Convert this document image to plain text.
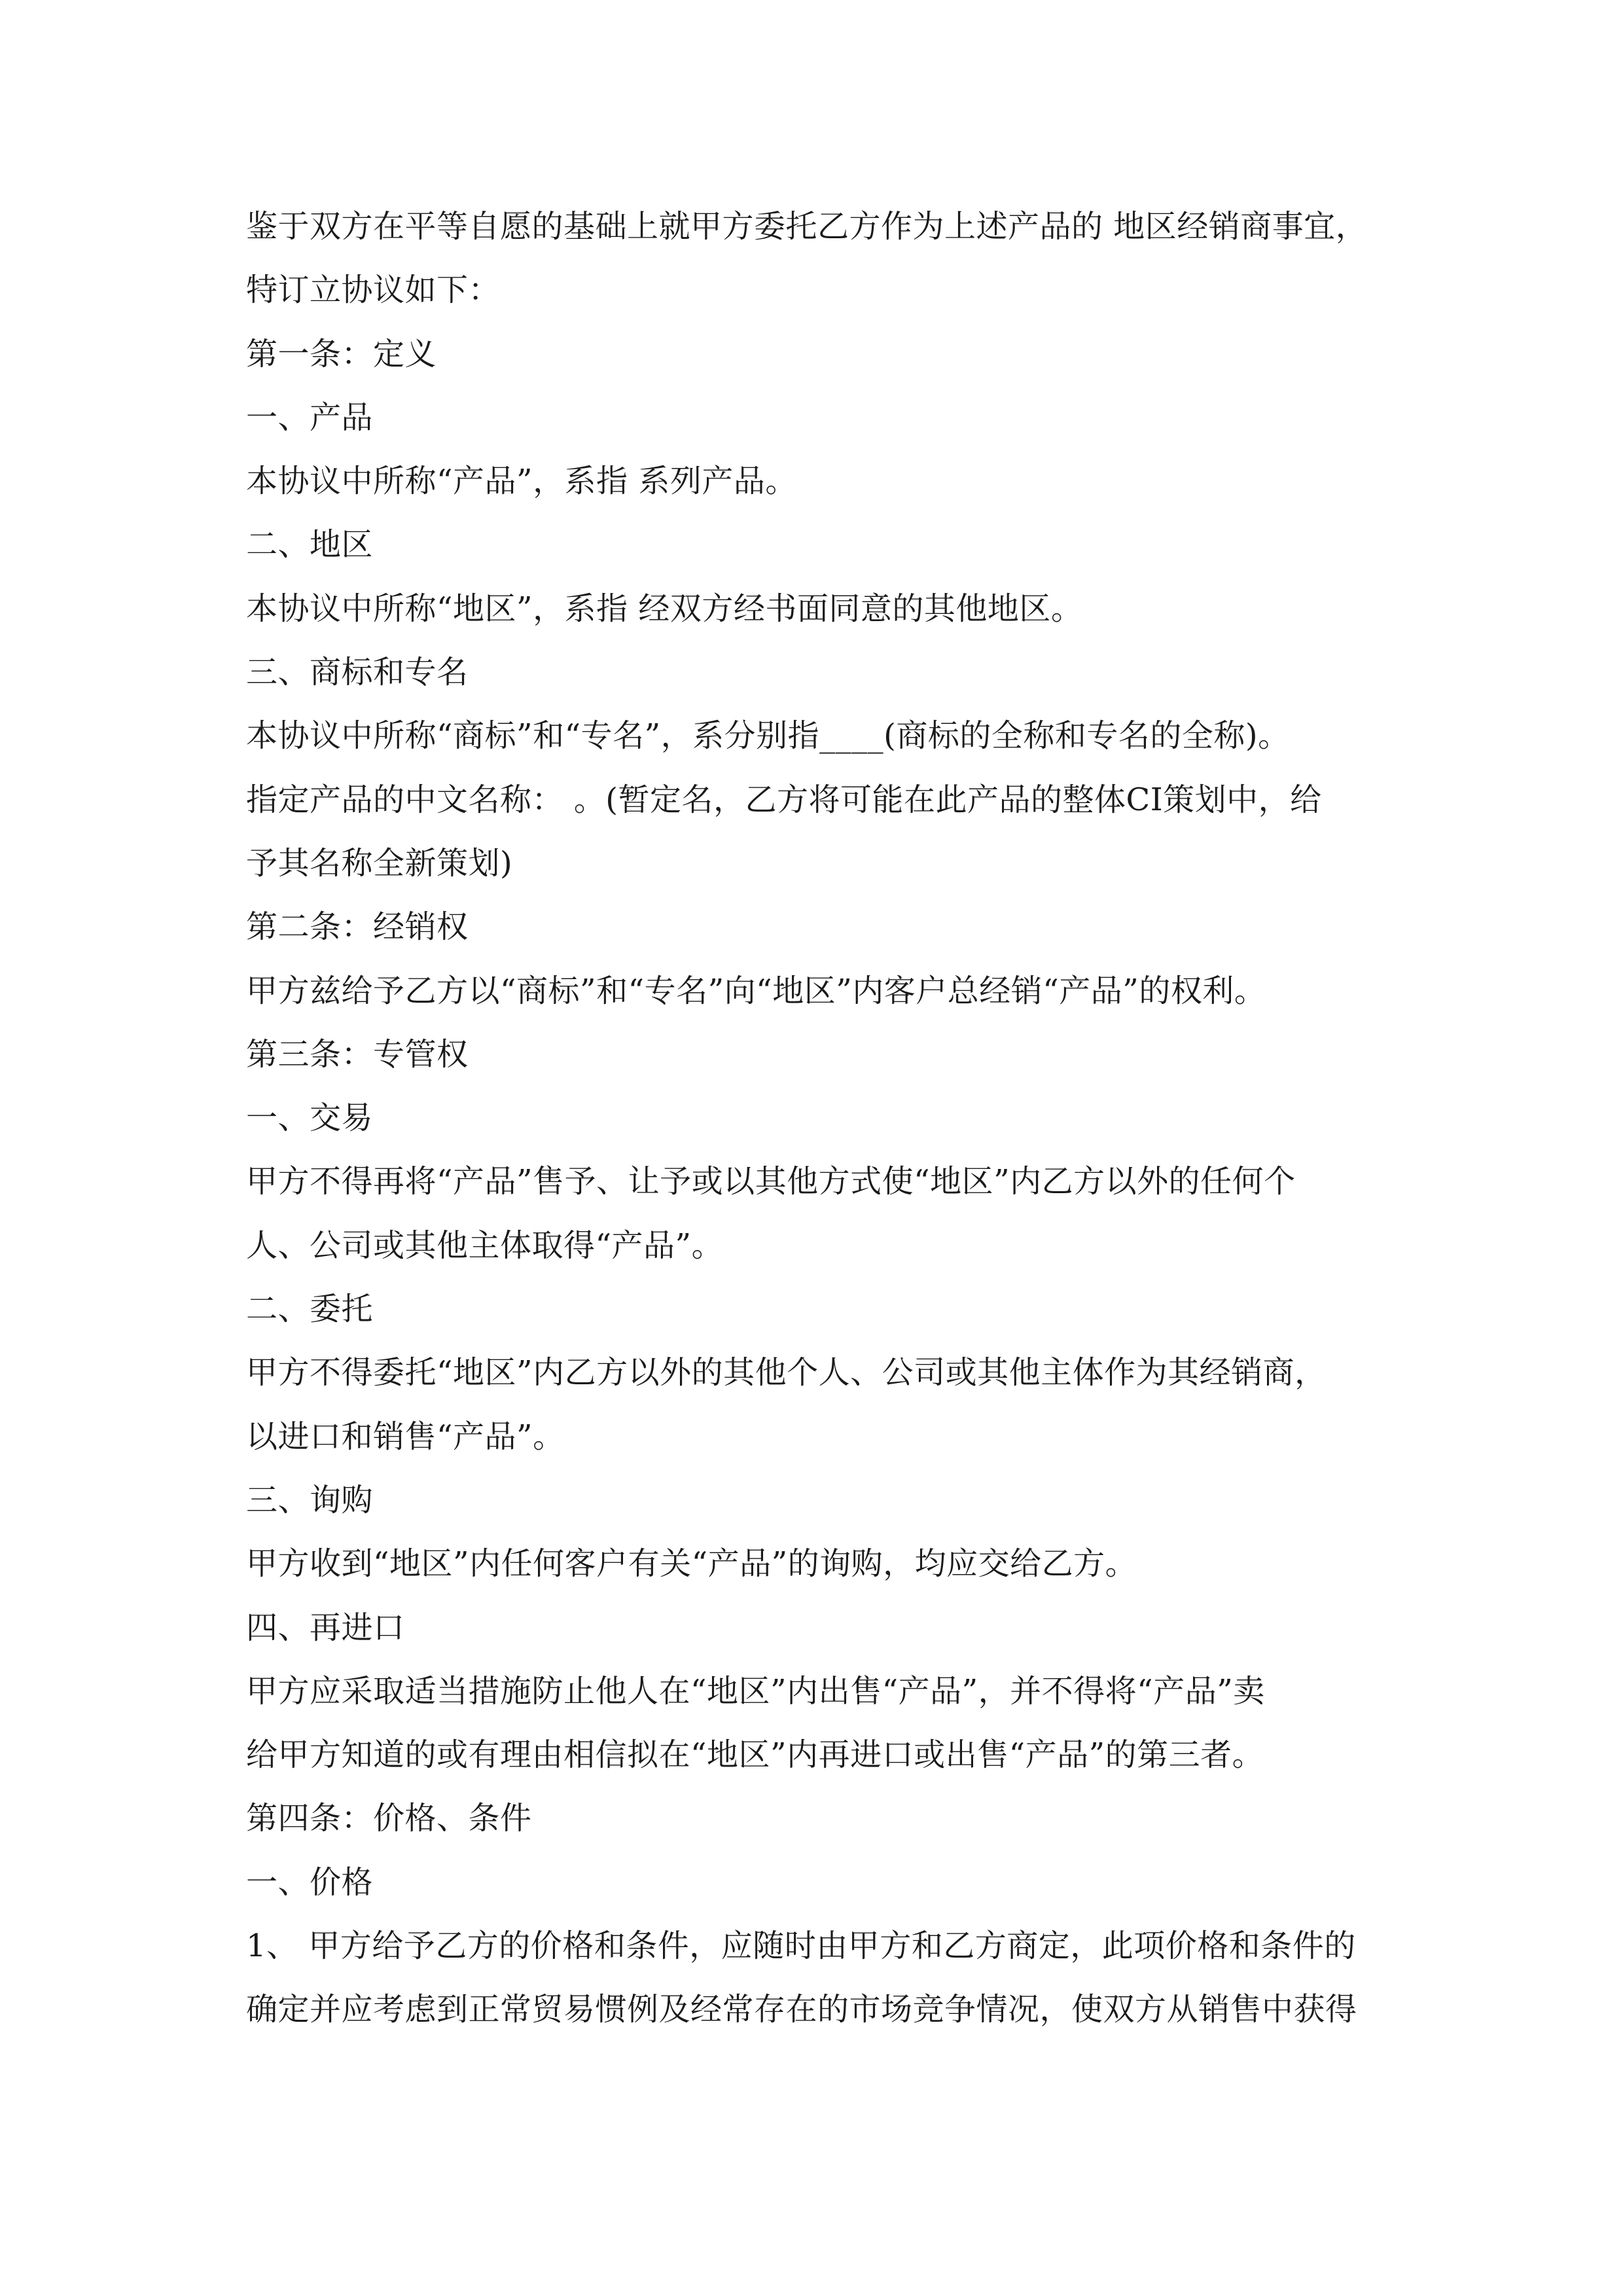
鉴于双方在平等自愿的基础上就甲方委托乙方作为上述产品的 地区经销商事宜，
特订立协议如下：
第一条：定义
一、产品
本协议中所称“产品”，系指 系列产品。
二、地区
本协议中所称“地区”，系指 经双方经书面同意的其他地区。
三、商标和专名
本协议中所称“商标”和“专名”，系分别指____(商标的全称和专名的全称)。
指定产品的中文名称： 。(暂定名，乙方将可能在此产品的整体CI策划中，给
予其名称全新策划)
第二条：经销权
甲方兹给予乙方以“商标”和“专名”向“地区”内客户总经销“产品”的权利。
第三条：专管权
一、交易
甲方不得再将“产品”售予、让予或以其他方式使“地区”内乙方以外的任何个
人、公司或其他主体取得“产品”。
二、委托
甲方不得委托“地区”内乙方以外的其他个人、公司或其他主体作为其经销商，
以进口和销售“产品”。
三、询购
甲方收到“地区”内任何客户有关“产品”的询购，均应交给乙方。
四、再进口
甲方应采取适当措施防止他人在“地区”内出售“产品”，并不得将“产品”卖
给甲方知道的或有理由相信拟在“地区”内再进口或出售“产品”的第三者。
第四条：价格、条件
一、价格
1、 甲方给予乙方的价格和条件，应随时由甲方和乙方商定，此项价格和条件的
确定并应考虑到正常贸易惯例及经常存在的市场竞争情况，使双方从销售中获得
